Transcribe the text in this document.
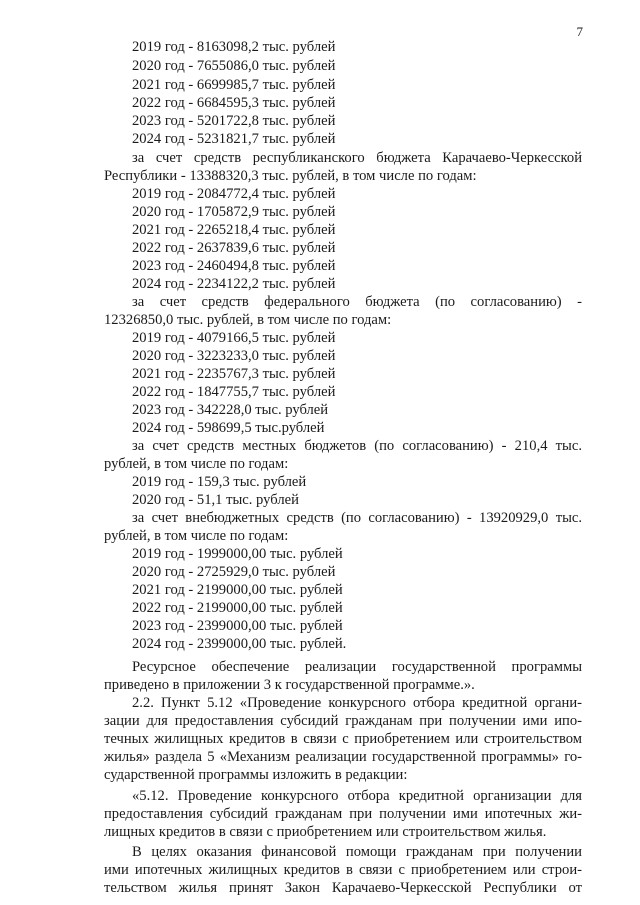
7
2019 год - 8163098,2 тыс. рублей
2020 год - 7655086,0 тыс. рублей
2021 год - 6699985,7 тыс. рублей
2022 год - 6684595,3 тыс. рублей
2023 год - 5201722,8 тыс. рублей
2024 год - 5231821,7 тыс. рублей
за счет средств республиканского бюджета Карачаево-Черкесской
Республики - 13388320,3 тыс. рублей, в том числе по годам:
2019 год - 2084772,4 тыс. рублей
2020 год - 1705872,9 тыс. рублей
2021 год - 2265218,4 тыс. рублей
2022 год - 2637839,6 тыс. рублей
2023 год - 2460494,8 тыс. рублей
2024 год - 2234122,2 тыс. рублей
за счет средств федерального бюджета (по согласованию) -
12326850,0 тыс. рублей, в том числе по годам:
2019 год - 4079166,5 тыс. рублей
2020 год - 3223233,0 тыс. рублей
2021 год - 2235767,3 тыс. рублей
2022 год - 1847755,7 тыс. рублей
2023 год - 342228,0 тыс. рублей
2024 год - 598699,5 тыс.рублей
за счет средств местных бюджетов (по согласованию) - 210,4 тыс.
рублей, в том числе по годам:
2019 год - 159,3 тыс. рублей
2020 год - 51,1 тыс. рублей
за счет внебюджетных средств (по согласованию) - 13920929,0 тыс.
рублей, в том числе по годам:
2019 год - 1999000,00 тыс. рублей
2020 год - 2725929,0 тыс. рублей
2021 год - 2199000,00 тыс. рублей
2022 год - 2199000,00 тыс. рублей
2023 год - 2399000,00 тыс. рублей
2024 год - 2399000,00 тыс. рублей.
Ресурсное обеспечение реализации государственной программы
приведено в приложении 3 к государственной программе.».
2.2. Пункт 5.12 «Проведение конкурсного отбора кредитной органи-
зации для предоставления субсидий гражданам при получении ими ипо-
течных жилищных кредитов в связи с приобретением или строительством
жилья» раздела 5 «Механизм реализации государственной программы» го-
сударственной программы изложить в редакции:
«5.12. Проведение конкурсного отбора кредитной организации для
предоставления субсидий гражданам при получении ими ипотечных жи-
лищных кредитов в связи с приобретением или строительством жилья.
В целях оказания финансовой помощи гражданам при получении
ими ипотечных жилищных кредитов в связи с приобретением или строи-
тельством жилья принят Закон Карачаево-Черкесской Республики от
